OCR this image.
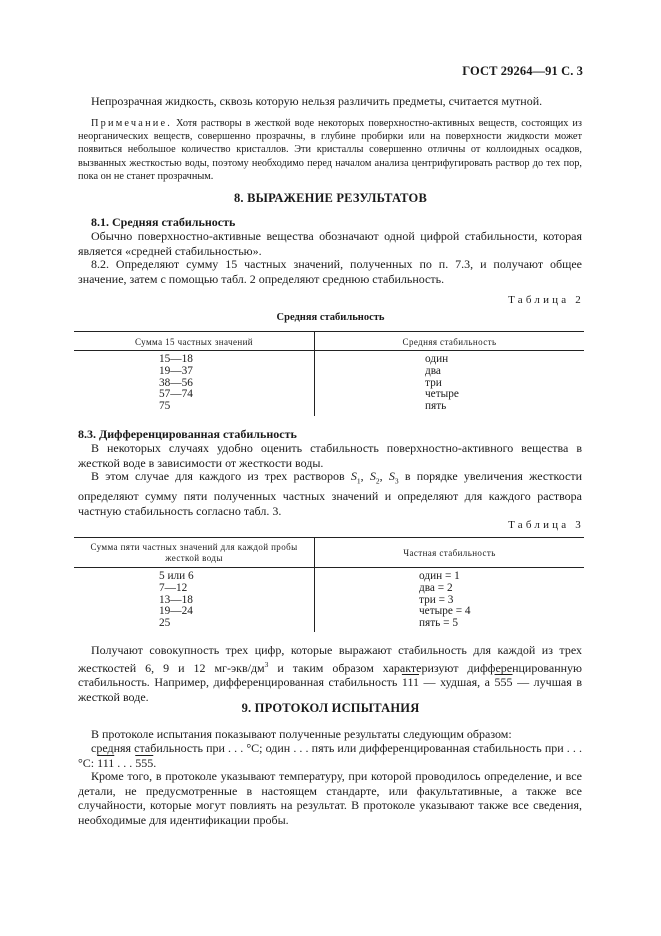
ГОСТ 29264—91 С. 3
Непрозрачная жидкость, сквозь которую нельзя различить предметы, считается мутной.
Примечание. Хотя растворы в жесткой воде некоторых поверхностно-активных веществ, состоящих из неорганических веществ, совершенно прозрачны, в глубине пробирки или на поверхности жидкости может появиться небольшое количество кристаллов. Эти кристаллы совершенно отличны от коллоидных осадков, вызванных жесткостью воды, поэтому необходимо перед началом анализа центрифугировать раствор до тех пор, пока он не станет прозрачным.
8. ВЫРАЖЕНИЕ РЕЗУЛЬТАТОВ
8.1. Средняя стабильность
Обычно поверхностно-активные вещества обозначают одной цифрой стабильности, которая является «средней стабильностью».
8.2. Определяют сумму 15 частных значений, полученных по п. 7.3, и получают общее значение, затем с помощью табл. 2 определяют среднюю стабильность.
Таблица 2
Средняя стабильность
Сумма 15 частных значений	Средняя стабильность
15—18
19—37
38—56
57—74
75
один
два
три
четыре
пять
8.3. Дифференцированная стабильность
В некоторых случаях удобно оценить стабильность поверхностно-активного вещества в жесткой воде в зависимости от жесткости воды.
В этом случае для каждого из трех растворов $S_1$, $S_2$, $S_3$ в порядке увеличения жесткости определяют сумму пяти полученных частных значений и определяют для каждого раствора частную стабильность согласно табл. 3.
Таблица 3
Сумма пяти частных значений для каждой пробы жесткой воды	Частная стабильность
5 или 6
7—12
13—18
19—24
25
один = 1
два = 2
три = 3
четыре = 4
пять = 5
Получают совокупность трех цифр, которые выражают стабильность для каждой из трех жесткостей 6, 9 и 12 $мг-экв/дм^3$ и таким образом характеризуют дифференцированную стабильность. Например, дифференцированная стабильность 111 — худшая, а 555 — лучшая в жесткой воде.
9. ПРОТОКОЛ ИСПЫТАНИЯ
В протоколе испытания показывают полученные результаты следующим образом:
средняя стабильность при . . . °С; один . . . пять или дифференцированная стабильность при . . . °С: 111 . . . 555.
Кроме того, в протоколе указывают температуру, при которой проводилось определение, и все детали, не предусмотренные в настоящем стандарте, или факультативные, а также все случайности, которые могут повлиять на результат. В протоколе указывают также все сведения, необходимые для идентификации пробы.
